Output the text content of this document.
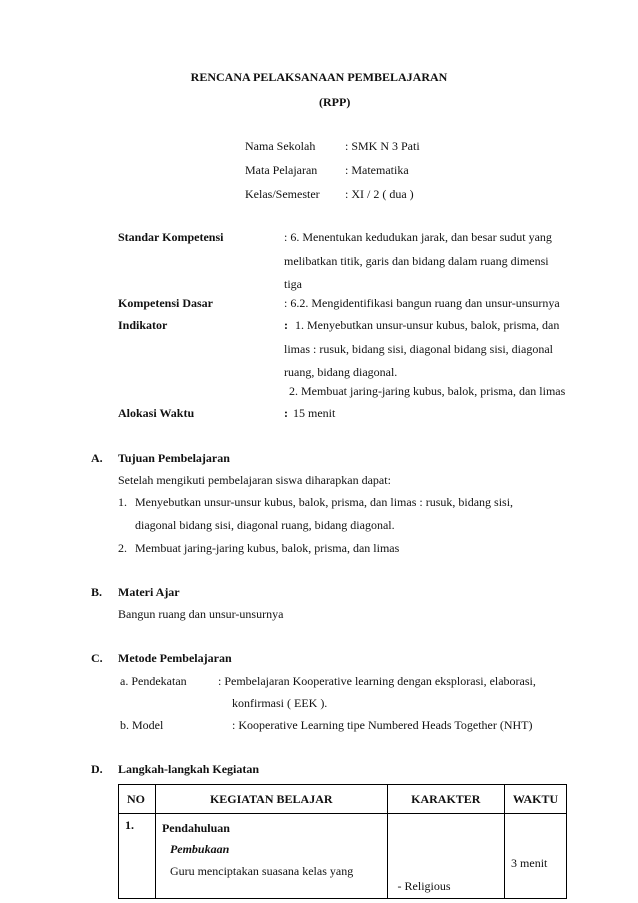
RENCANA PELAKSANAAN PEMBELAJARAN
(RPP)
Nama Sekolah : SMK N 3 Pati
Mata Pelajaran : Matematika
Kelas/Semester : XI / 2 ( dua )
Standar Kompetensi	: 6. Menentukan kedudukan jarak, dan besar sudut yang
melibatkan titik, garis dan bidang dalam ruang dimensi
tiga
Kompetensi Dasar	: 6.2. Mengidentifikasi bangun ruang dan unsur-unsurnya
Indikator	: 1. Menyebutkan unsur-unsur kubus, balok, prisma, dan
limas : rusuk, bidang sisi, diagonal bidang sisi, diagonal
ruang, bidang diagonal.
2. Membuat jaring-jaring kubus, balok, prisma, dan limas
Alokasi Waktu	: 15 menit
A. Tujuan Pembelajaran
Setelah mengikuti pembelajaran siswa diharapkan dapat:
1. Menyebutkan unsur-unsur kubus, balok, prisma, dan limas : rusuk, bidang sisi,
diagonal bidang sisi, diagonal ruang, bidang diagonal.
2. Membuat jaring-jaring kubus, balok, prisma, dan limas
B. Materi Ajar
Bangun ruang dan unsur-unsurnya
C. Metode Pembelajaran
a. Pendekatan	: Pembelajaran Kooperative learning dengan eksplorasi, elaborasi,
konfirmasi ( EEK ).
b. Model	: Kooperative Learning tipe Numbered Heads Together (NHT)
D. Langkah-langkah Kegiatan
NO	KEGIATAN BELAJAR	KARAKTER	WAKTU
1.	Pendahuluan
Pembukaan
Guru menciptakan suasana kelas yang	- Religious	3 menit
